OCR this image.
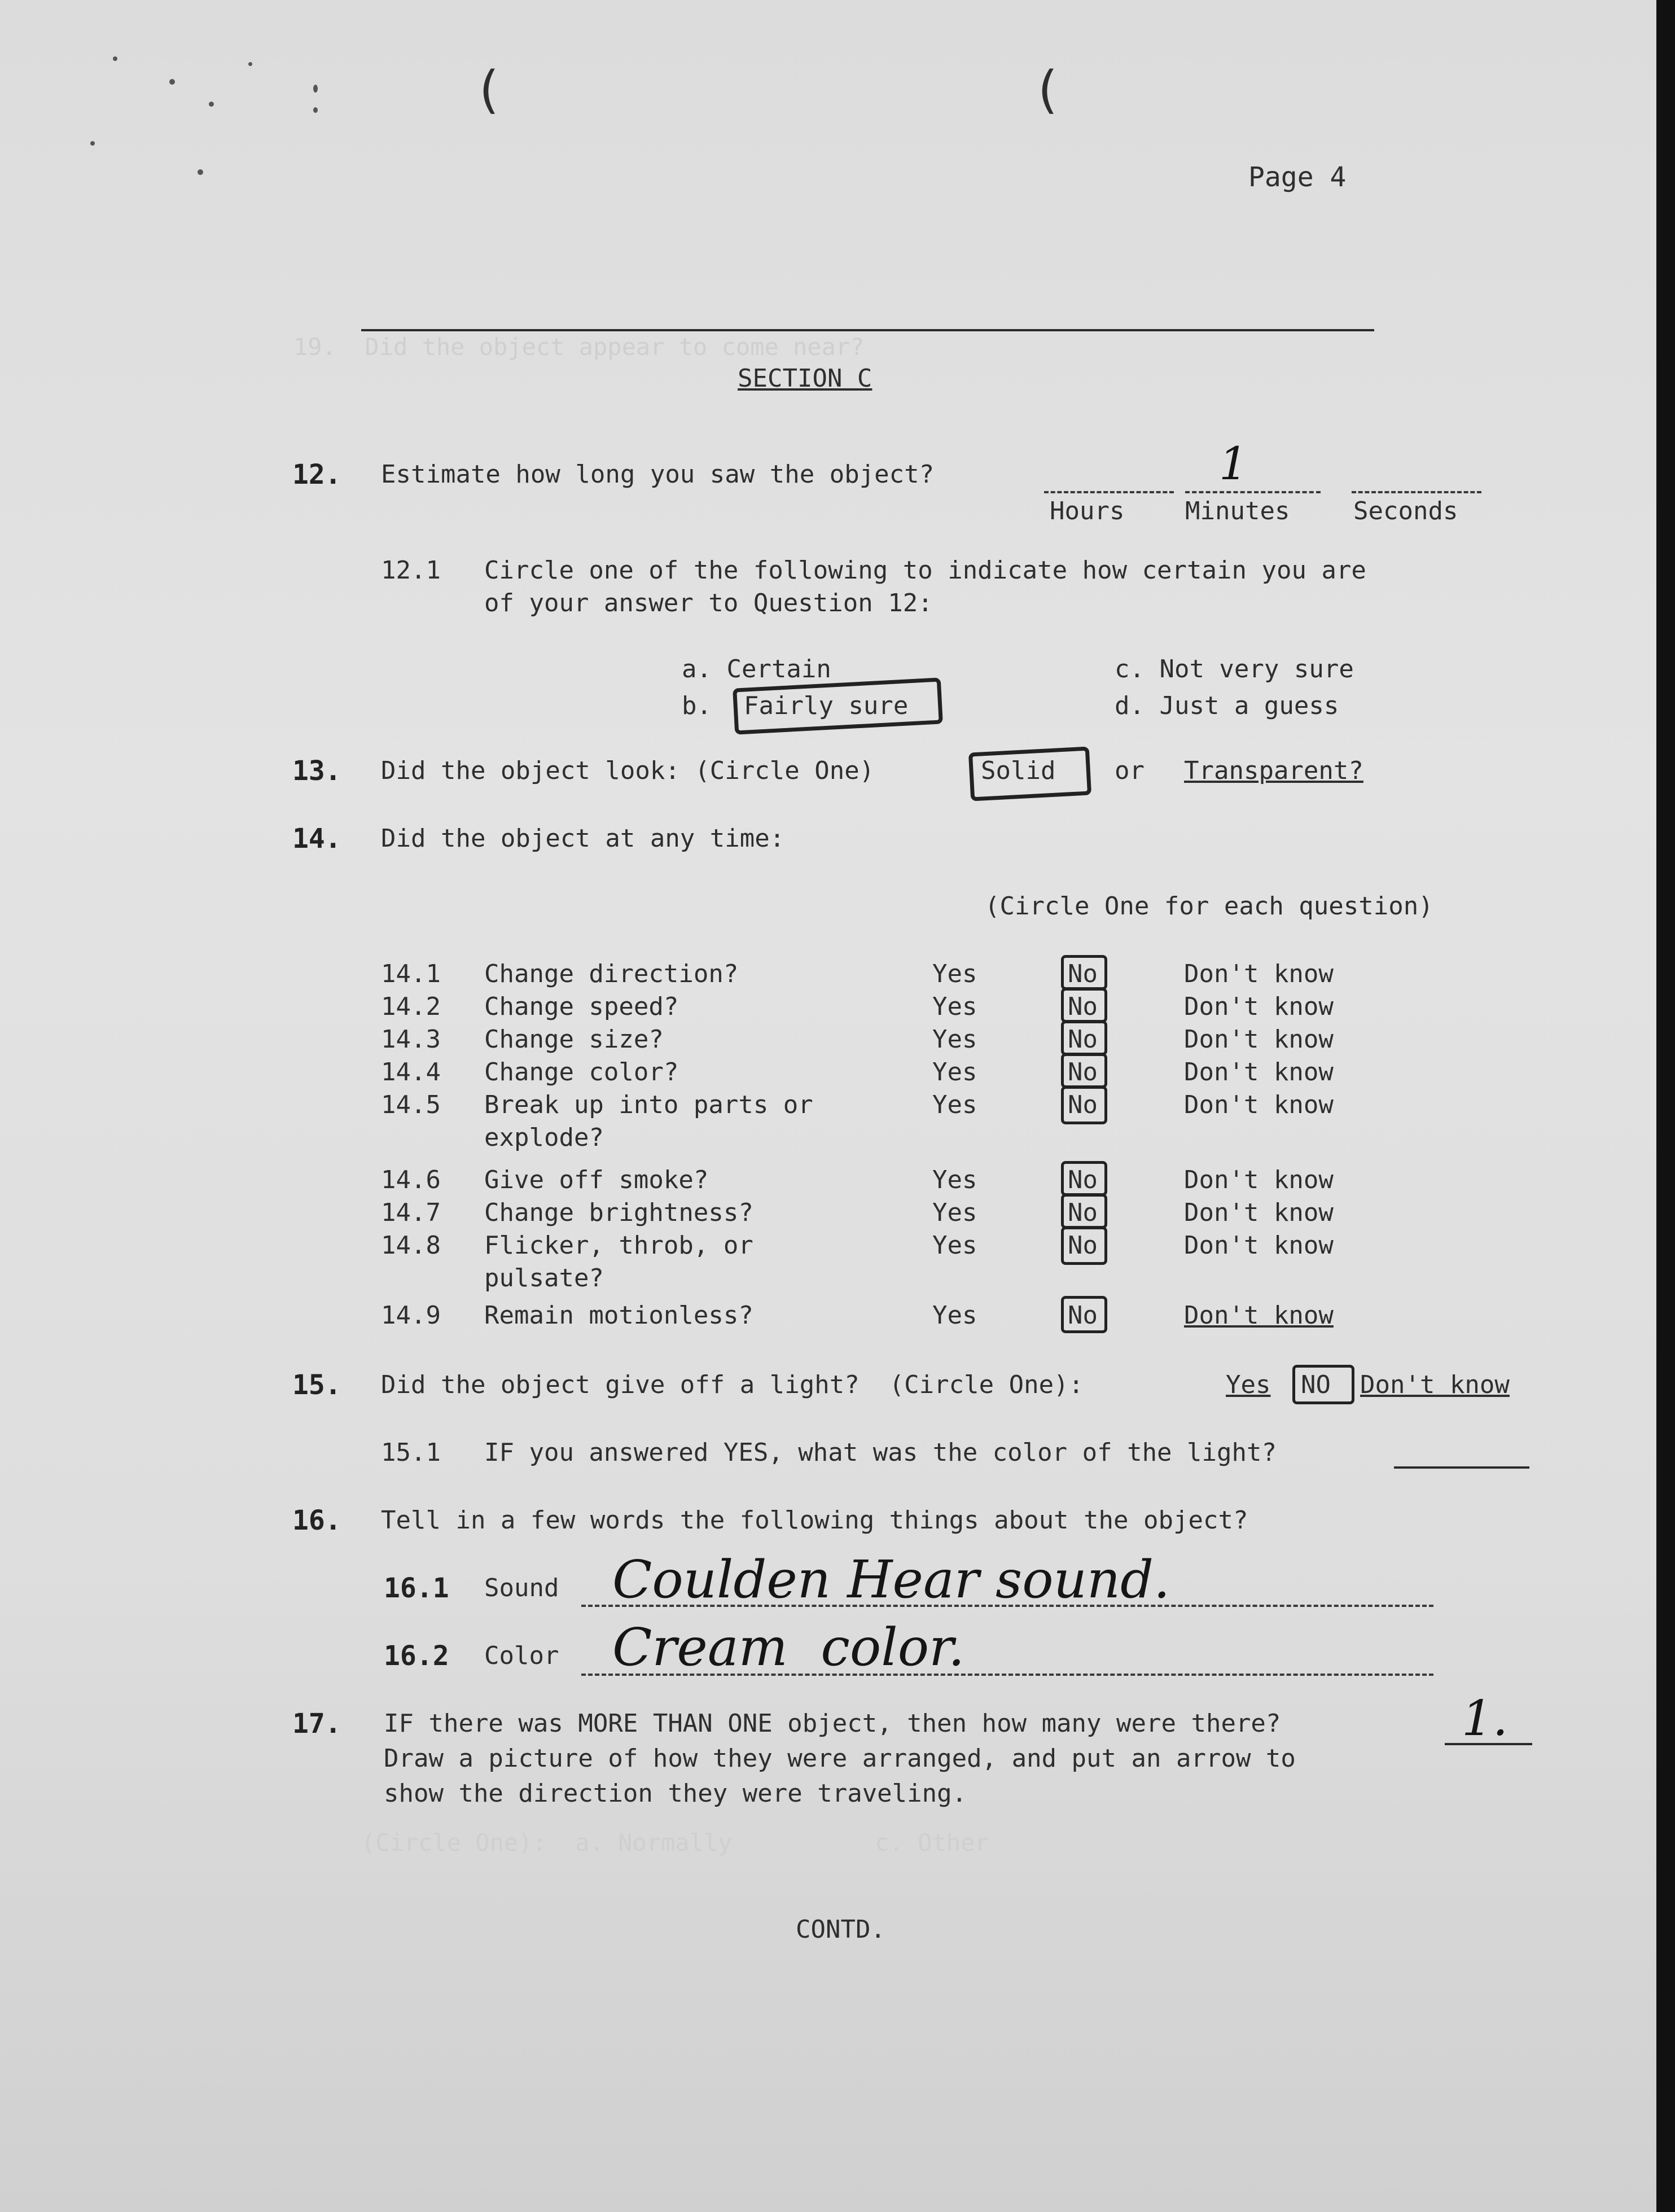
(	(
Page 4
19.  Did the object appear to come near?
SECTION C
12. Estimate how long you saw the object?	1
Hours Minutes	Seconds
12.1 Circle one of the following to indicate how certain you are
of your answer to Question 12:
a. Certain
b. Fairly sure
c. Not very sure
d. Just a guess
13. Did the object look: (Circle One)	Solid or Transparent?
14. Did the object at any time:
(Circle One for each question)
14.1 Change direction?	Yes	No	Don't know
14.2 Change speed?	Yes	No	Don't know
14.3 Change size?	Yes	No	Don't know
14.4 Change color?	Yes	No	Don't know
14.5 Break up into parts or
explode?
Yes	No	Don't know
14.6 Give off smoke?	Yes	No	Don't know
14.7 Change brightness?	Yes	No	Don't know
14.8 Flicker, throb, or
pulsate?
Yes	No	Don't know
14.9 Remain motionless?	Yes	No	Don't know
15. Did the object give off a light?  (Circle One):	Yes NO Don't know
15.1 IF you answered YES, what was the color of the light?
16. Tell in a few words the following things about the object?
16.1 Sound Coulden Hear sound.
16.2 Color Cream  color.
17. IF there was MORE THAN ONE object, then how many were there?	1.
Draw a picture of how they were arranged, and put an arrow to
show the direction they were traveling.
(Circle One):  a. Normally          c. Other
CONTD.
